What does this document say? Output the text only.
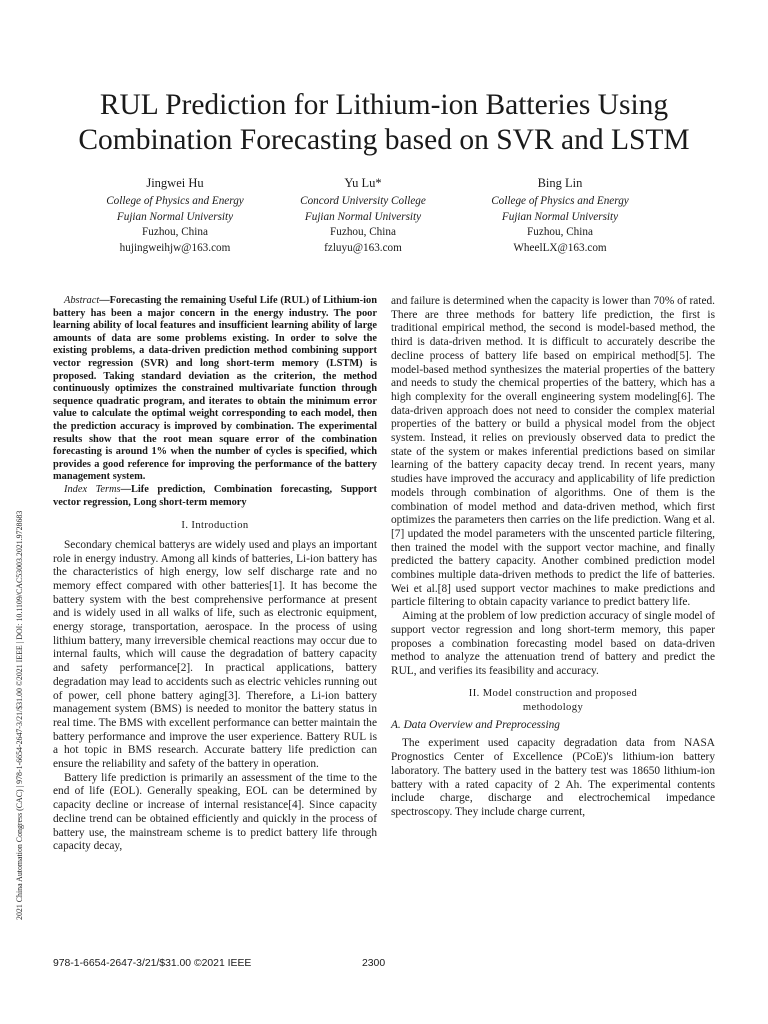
RUL Prediction for Lithium-ion Batteries Using
Combination Forecasting based on SVR and LSTM
Jingwei Hu
College of Physics and Energy
Fujian Normal University
Fuzhou, China
hujingweihjw@163.com
Yu Lu*
Concord University College
Fujian Normal University
Fuzhou, China
fzluyu@163.com
Bing Lin
College of Physics and Energy
Fujian Normal University
Fuzhou, China
WheelLX@163.com
2021 China Automation Congress (CAC) | 978-1-6654-2647-3/21/$31.00 ©2021 IEEE | DOI: 10.1109/CAC53003.2021.9728683

Abstract—Forecasting the remaining Useful Life (RUL) of Lithium-ion battery has been a major concern in the energy industry. The poor learning ability of local features and insufficient learning ability of large amounts of data are some problems existing. In order to solve the existing problems, a data-driven prediction method combining support vector regression (SVR) and long short-term memory (LSTM) is proposed. Taking standard deviation as the criterion, the method continuously optimizes the constrained multivariate function through sequence quadratic program, and iterates to obtain the minimum error value to calculate the optimal weight corresponding to each model, then the prediction accuracy is improved by combination. The experimental results show that the root mean square error of the combination forecasting is around 1% when the number of cycles is specified, which provides a good reference for improving the performance of the battery management system.

Index Terms—Life prediction, Combination forecasting, Support vector regression, Long short-term memory

I. Introduction

Secondary chemical batterys are widely used and plays an important role in energy industry. Among all kinds of batteries, Li-ion battery has the characteristics of high energy, low self discharge rate and no memory effect compared with other batteries[1]. It has become the battery system with the best comprehensive performance at present and is widely used in all walks of life, such as electronic equipment, energy storage, transportation, aerospace. In the process of using lithium battery, many irreversible chemical reactions may occur due to internal faults, which will cause the degradation of battery capacity and safety performance[2]. In practical applications, battery degradation may lead to accidents such as electric vehicles running out of power, cell phone battery aging[3]. Therefore, a Li-ion battery management system (BMS) is needed to monitor the battery status in real time. The BMS with excellent performance can better maintain the battery performance and improve the user experience. Battery RUL is a hot topic in BMS research. Accurate battery life prediction can ensure the reliability and safety of the battery in operation.

Battery life prediction is primarily an assessment of the time to the end of life (EOL). Generally speaking, EOL can be determined by capacity decline or increase of internal resistance[4]. Since capacity decline trend can be obtained efficiently and quickly in the process of battery use, the mainstream scheme is to predict battery life through capacity decay,

and failure is determined when the capacity is lower than 70% of rated. There are three methods for battery life prediction, the first is traditional empirical method, the second is model-based method, the third is data-driven method. It is difficult to accurately describe the decline process of battery life based on empirical method[5]. The model-based method synthesizes the material properties of the battery and needs to study the chemical properties of the battery, which has a high complexity for the overall engineering system modeling[6]. The data-driven approach does not need to consider the complex material properties of the battery or build a physical model from the object system. Instead, it relies on previously observed data to predict the state of the system or makes inferential predictions based on similar learning of the battery capacity decay trend. In recent years, many studies have improved the accuracy and applicability of life prediction models through combination of algorithms. One of them is the combination of model method and data-driven method, which first optimizes the parameters then carries on the life prediction. Wang et al.[7] updated the model parameters with the unscented particle filtering, then trained the model with the support vector machine, and finally predicted the battery capacity. Another combined prediction model combines multiple data-driven methods to predict the life of batteries. Wei et al.[8] used support vector machines to make predictions and particle filtering to obtain capacity variance to predict battery life.

Aiming at the problem of low prediction accuracy of single model of support vector regression and long short-term memory, this paper proposes a combination forecasting model based on data-driven method to analyze the attenuation trend of battery and predict the RUL, and verifies its feasibility and accuracy.

II. Model construction and proposed
methodology
A. Data Overview and Preprocessing

The experiment used capacity degradation data from NASA Prognostics Center of Excellence (PCoE)'s lithium-ion battery laboratory. The battery used in the battery test was 18650 lithium-ion battery with a rated capacity of 2 Ah. The experimental contents include charge, discharge and electrochemical impedance spectroscopy. They include charge current,

978-1-6654-2647-3/21/$31.00 ©2021 IEEE	2300
